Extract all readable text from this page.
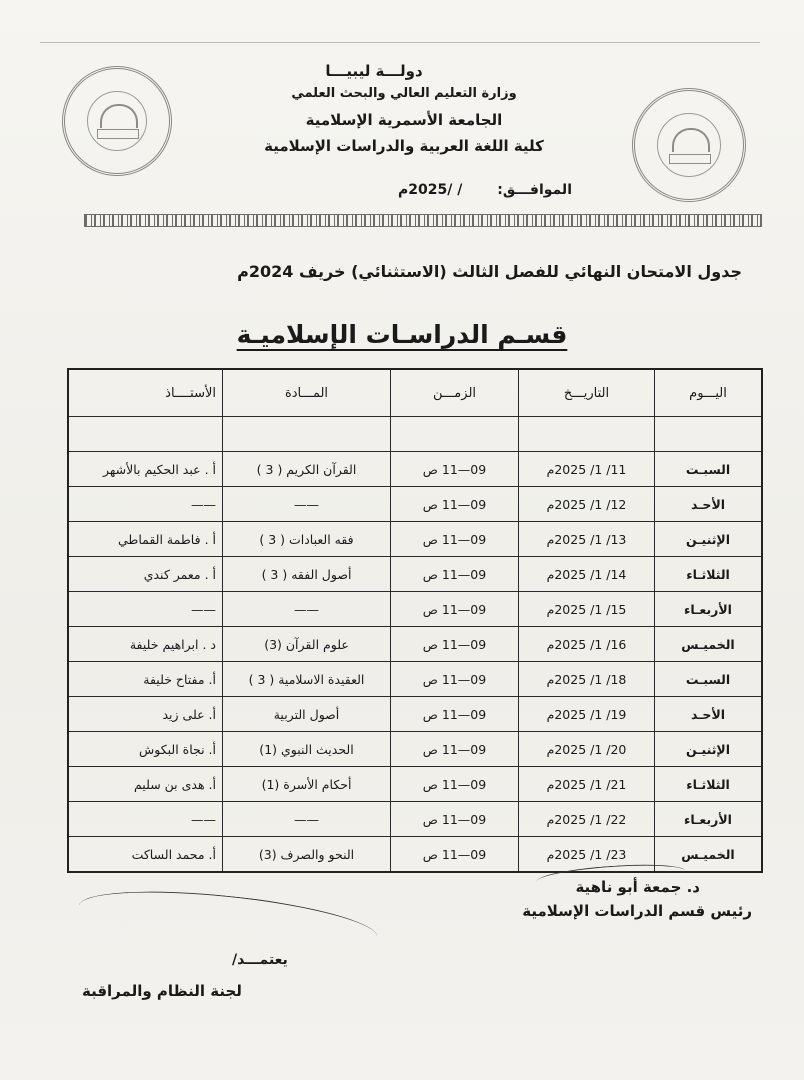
دولـــة ليبيـــا
وزارة التعليم العالي والبحث العلمي
الجامعة الأسمرية الإسلامية
كلية اللغة العربية والدراسات الإسلامية
الموافـــق: / /2025م
جدول الامتحان النهائي للفصل الثالث (الاستثنائي) خريف 2024م
قسـم الدراسـات الإسلاميـة
اليـــوم	التاريـــخ	الزمـــن	المـــادة	الأستــــاذ

السبـت	11/ 1/ 2025م	09—11 ص	القرآن الكريم ( 3 )	أ . عبد الحكيم بالأشهر
الأحـد	12/ 1/ 2025م	09—11 ص	——	——
الإثنيـن	13/ 1/ 2025م	09—11 ص	فقه العبادات ( 3 )	أ . فاطمة القماطي
الثلاثـاء	14/ 1/ 2025م	09—11 ص	أصول الفقه ( 3 )	أ . معمر كندي
الأربعـاء	15/ 1/ 2025م	09—11 ص	——	——
الخميـس	16/ 1/ 2025م	09—11 ص	علوم القرآن (3)	د . ابراهيم خليفة
السبـت	18/ 1/ 2025م	09—11 ص	العقيدة الاسلامية ( 3 )	أ. مفتاح خليفة
الأحـد	19/ 1/ 2025م	09—11 ص	أصول التربية	أ. على زيد
الإثنيـن	20/ 1/ 2025م	09—11 ص	الحديث النبوي (1)	أ. نجاة البكوش
الثلاثـاء	21/ 1/ 2025م	09—11 ص	أحكام الأسرة (1)	أ. هدى بن سليم
الأربعـاء	22/ 1/ 2025م	09—11 ص	——	——
الخميـس	23/ 1/ 2025م	09—11 ص	النحو والصرف (3)	أ. محمد الساكت
د. جمعة أبو ناهية
رئيس قسم الدراسات الإسلامية
يعتمـــد/
لجنة النظام والمراقبة
